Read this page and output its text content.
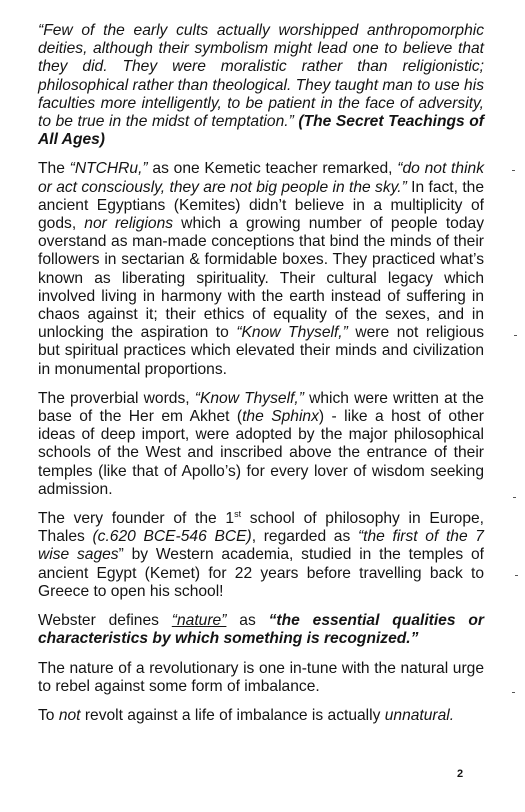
“Few of the early cults actually worshipped anthropomorphic deities, although their symbolism might lead one to believe that they did. They were moralistic rather than religionistic; philosophical rather than theological. They taught man to use his faculties more intelligently, to be patient in the face of adversity, to be true in the midst of temptation.” (The Secret Teachings of All Ages)

The “NTCHRu,” as one Kemetic teacher remarked, “do not think or act consciously, they are not big people in the sky.” In fact, the ancient Egyptians (Kemites) didn’t believe in a multiplicity of gods, nor religions which a growing number of people today overstand as man-made conceptions that bind the minds of their followers in sectarian & formidable boxes. They practiced what’s known as liberating spirituality. Their cultural legacy which involved living in harmony with the earth instead of suffering in chaos against it; their ethics of equality of the sexes, and in unlocking the aspiration to “Know Thyself,” were not religious but spiritual practices which elevated their minds and civilization in monumental proportions.

The proverbial words, “Know Thyself,” which were written at the base of the Her em Akhet (the Sphinx) - like a host of other ideas of deep import, were adopted by the major philosophical schools of the West and inscribed above the entrance of their temples (like that of Apollo’s) for every lover of wisdom seeking admission.

The very founder of the 1st school of philosophy in Europe, Thales (c.620 BCE-546 BCE), regarded as “the first of the 7 wise sages” by Western academia, studied in the temples of ancient Egypt (Kemet) for 22 years before travelling back to Greece to open his school!

Webster defines “nature” as “the essential qualities or characteristics by which something is recognized.”

The nature of a revolutionary is one in-tune with the natural urge to rebel against some form of imbalance.

To not revolt against a life of imbalance is actually unnatural.

2
